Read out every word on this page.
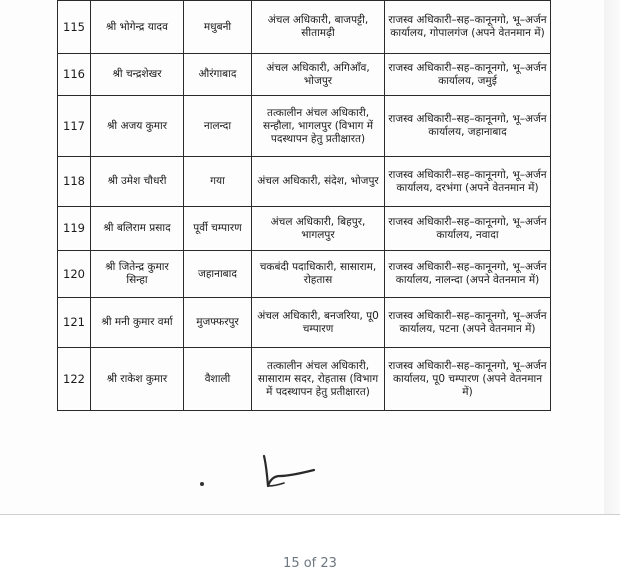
115	श्री भोगेन्द्र यादव	मधुबनी	अंचल अधिकारी, बाजपट्टी, सीतामढ़ी	राजस्व अधिकारी–सह–कानूनगो, भू–अर्जन कार्यालय, गोपालगंज (अपने वेतनमान में)
116	श्री चन्द्रशेखर	औरंगाबाद	अंचल अधिकारी, अगिआँव, भोजपुर	राजस्व अधिकारी–सह–कानूनगो, भू–अर्जन कार्यालय, जमुई
117	श्री अजय कुमार	नालन्दा	तत्कालीन अंचल अधिकारी, सन्हौला, भागलपुर (विभाग में पदस्थापन हेतु प्रतीक्षारत)	राजस्व अधिकारी–सह–कानूनगो, भू–अर्जन कार्यालय, जहानाबाद
118	श्री उमेश चौधरी	गया	अंचल अधिकारी, संदेश, भोजपुर	राजस्व अधिकारी–सह–कानूनगो, भू–अर्जन कार्यालय, दरभंगा (अपने वेतनमान में)
119	श्री बलिराम प्रसाद	पूर्वी चम्पारण	अंचल अधिकारी, बिहपुर, भागलपुर	राजस्व अधिकारी–सह–कानूनगो, भू–अर्जन कार्यालय, नवादा
120	श्री जितेन्द्र कुमार सिन्हा	जहानाबाद	चकबंदी पदाधिकारी, सासाराम, रोहतास	राजस्व अधिकारी–सह–कानूनगो, भू–अर्जन कार्यालय, नालन्दा (अपने वेतनमान में)
121	श्री मनी कुमार वर्मा	मुजफ्फरपुर	अंचल अधिकारी, बनजरिया, पू0 चम्पारण	राजस्व अधिकारी–सह–कानूनगो, भू–अर्जन कार्यालय, पटना (अपने वेतनमान में)
122	श्री राकेश कुमार	वैशाली	तत्कालीन अंचल अधिकारी, सासाराम सदर, रोहतास (विभाग में पदस्थापन हेतु प्रतीक्षारत)	राजस्व अधिकारी–सह–कानूनगो, भू–अर्जन कार्यालय, पू0 चम्पारण (अपने वेतनमान में)
15 of 23
